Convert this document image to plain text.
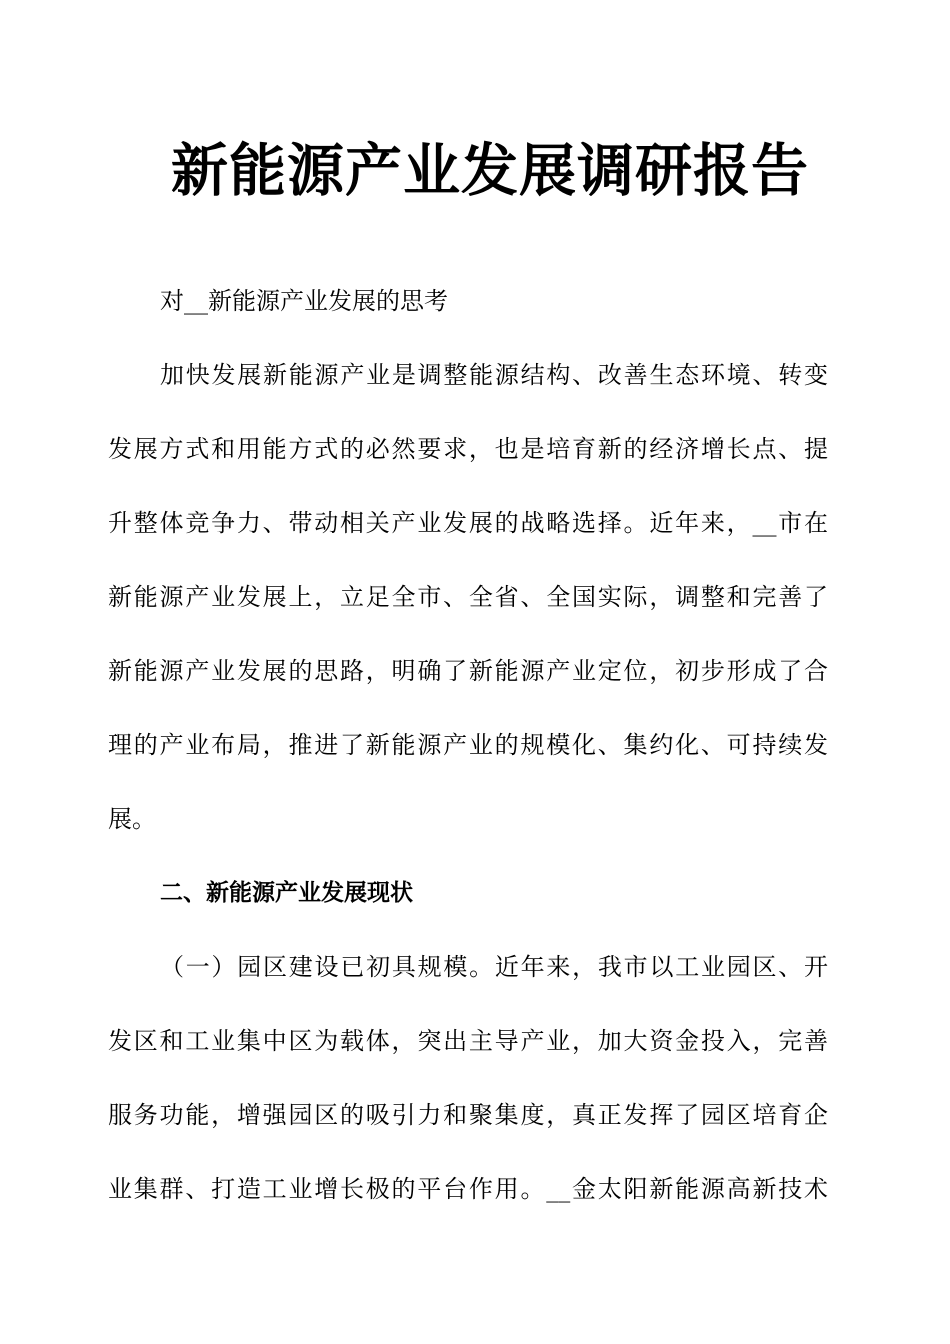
新能源产业发展调研报告
对__新能源产业发展的思考
加快发展新能源产业是调整能源结构、改善生态环境、转变
发展方式和用能方式的必然要求，也是培育新的经济增长点、提
升整体竞争力、带动相关产业发展的战略选择。近年来，__市在
新能源产业发展上，立足全市、全省、全国实际，调整和完善了
新能源产业发展的思路，明确了新能源产业定位，初步形成了合
理的产业布局，推进了新能源产业的规模化、集约化、可持续发
展。
二、新能源产业发展现状
（一）园区建设已初具规模。近年来，我市以工业园区、开
发区和工业集中区为载体，突出主导产业，加大资金投入，完善
服务功能，增强园区的吸引力和聚集度，真正发挥了园区培育企
业集群、打造工业增长极的平台作用。__金太阳新能源高新技术
